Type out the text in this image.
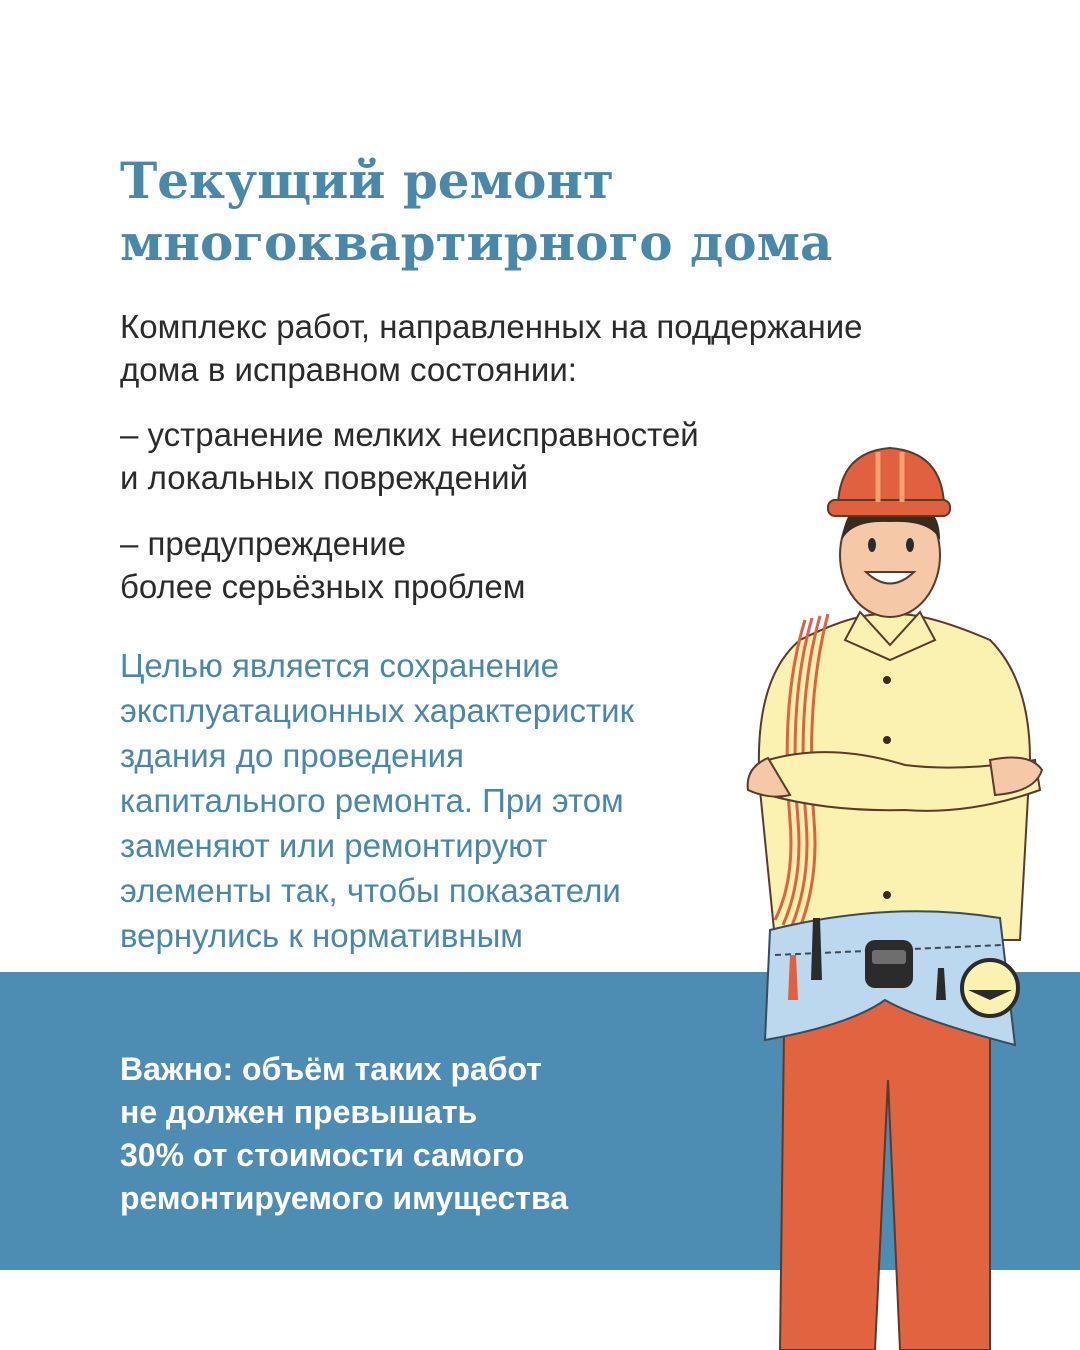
Текущий ремонт
многоквартирного дома

Комплекс работ, направленных на поддержание
дома в исправном состоянии:

– устранение мелких неисправностей
и локальных повреждений

– предупреждение
более серьёзных проблем

Целью является сохранение
эксплуатационных характеристик
здания до проведения
капитального ремонта. При этом
заменяют или ремонтируют
элементы так, чтобы показатели
вернулись к нормативным

Важно: объём таких работ
не должен превышать
30% от стоимости самого
ремонтируемого имущества
